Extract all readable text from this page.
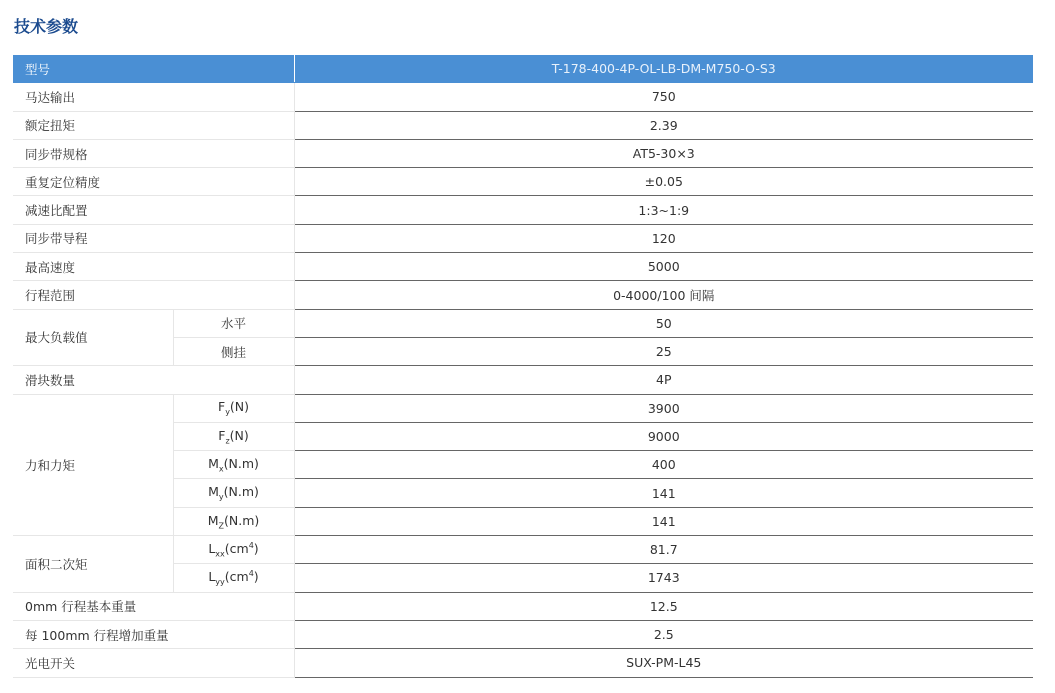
技术参数
型号		T-178-400-4P-OL-LB-DM-M750-O-S3
马达输出		750
额定扭矩		2.39
同步带规格		AT5-30×3
重复定位精度		±0.05
减速比配置		1:3~1:9
同步带导程		120
最高速度		5000
行程范围		0-4000/100 间隔
最大负载值	水平	50
	侧挂	25
滑块数量		4P
力和力矩	$F_y(N)$	3900
	$F_z(N)$	9000
	$M_x(N.m)$	400
	$M_y(N.m)$	141
	$M_Z(N.m)$	141
面积二次矩	$L_{xx}(cm^4)$	81.7
	$L_{yy}(cm^4)$	1743
0mm 行程基本重量		12.5
每 100mm 行程增加重量		2.5
光电开关		SUX-PM-L45
